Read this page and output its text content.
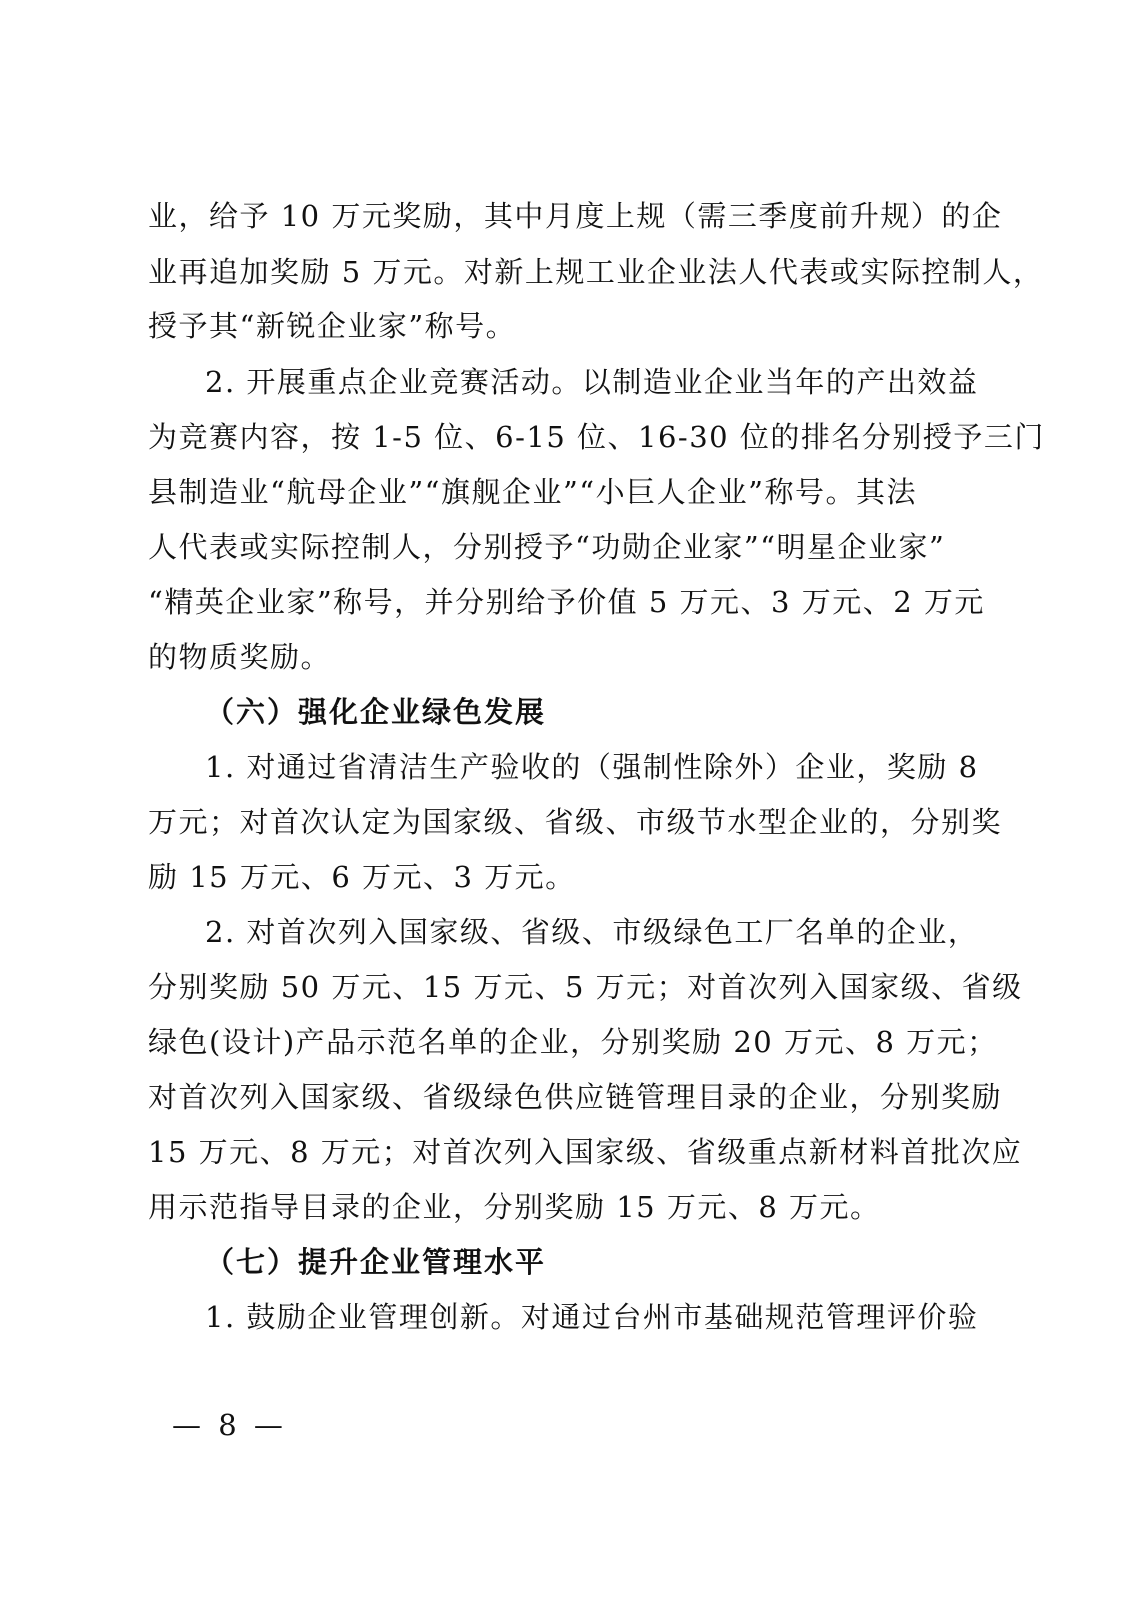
业，给予 10 万元奖励，其中月度上规（需三季度前升规）的企
业再追加奖励 5 万元。对新上规工业企业法人代表或实际控制人，
授予其“新锐企业家”称号。
2. 开展重点企业竞赛活动。以制造业企业当年的产出效益
为竞赛内容，按 1-5 位、6-15 位、16-30 位的排名分别授予三门
县制造业“航母企业”“旗舰企业”“小巨人企业”称号。其法
人代表或实际控制人，分别授予“功勋企业家”“明星企业家”
“精英企业家”称号，并分别给予价值 5 万元、3 万元、2 万元
的物质奖励。
（六）强化企业绿色发展
1. 对通过省清洁生产验收的（强制性除外）企业，奖励 8
万元；对首次认定为国家级、省级、市级节水型企业的，分别奖
励 15 万元、6 万元、3 万元。
2. 对首次列入国家级、省级、市级绿色工厂名单的企业，
分别奖励 50 万元、15 万元、5 万元；对首次列入国家级、省级
绿色(设计)产品示范名单的企业，分别奖励 20 万元、8 万元；
对首次列入国家级、省级绿色供应链管理目录的企业，分别奖励
15 万元、8 万元；对首次列入国家级、省级重点新材料首批次应
用示范指导目录的企业，分别奖励 15 万元、8 万元。
（七）提升企业管理水平
1. 鼓励企业管理创新。对通过台州市基础规范管理评价验
— 8 —
